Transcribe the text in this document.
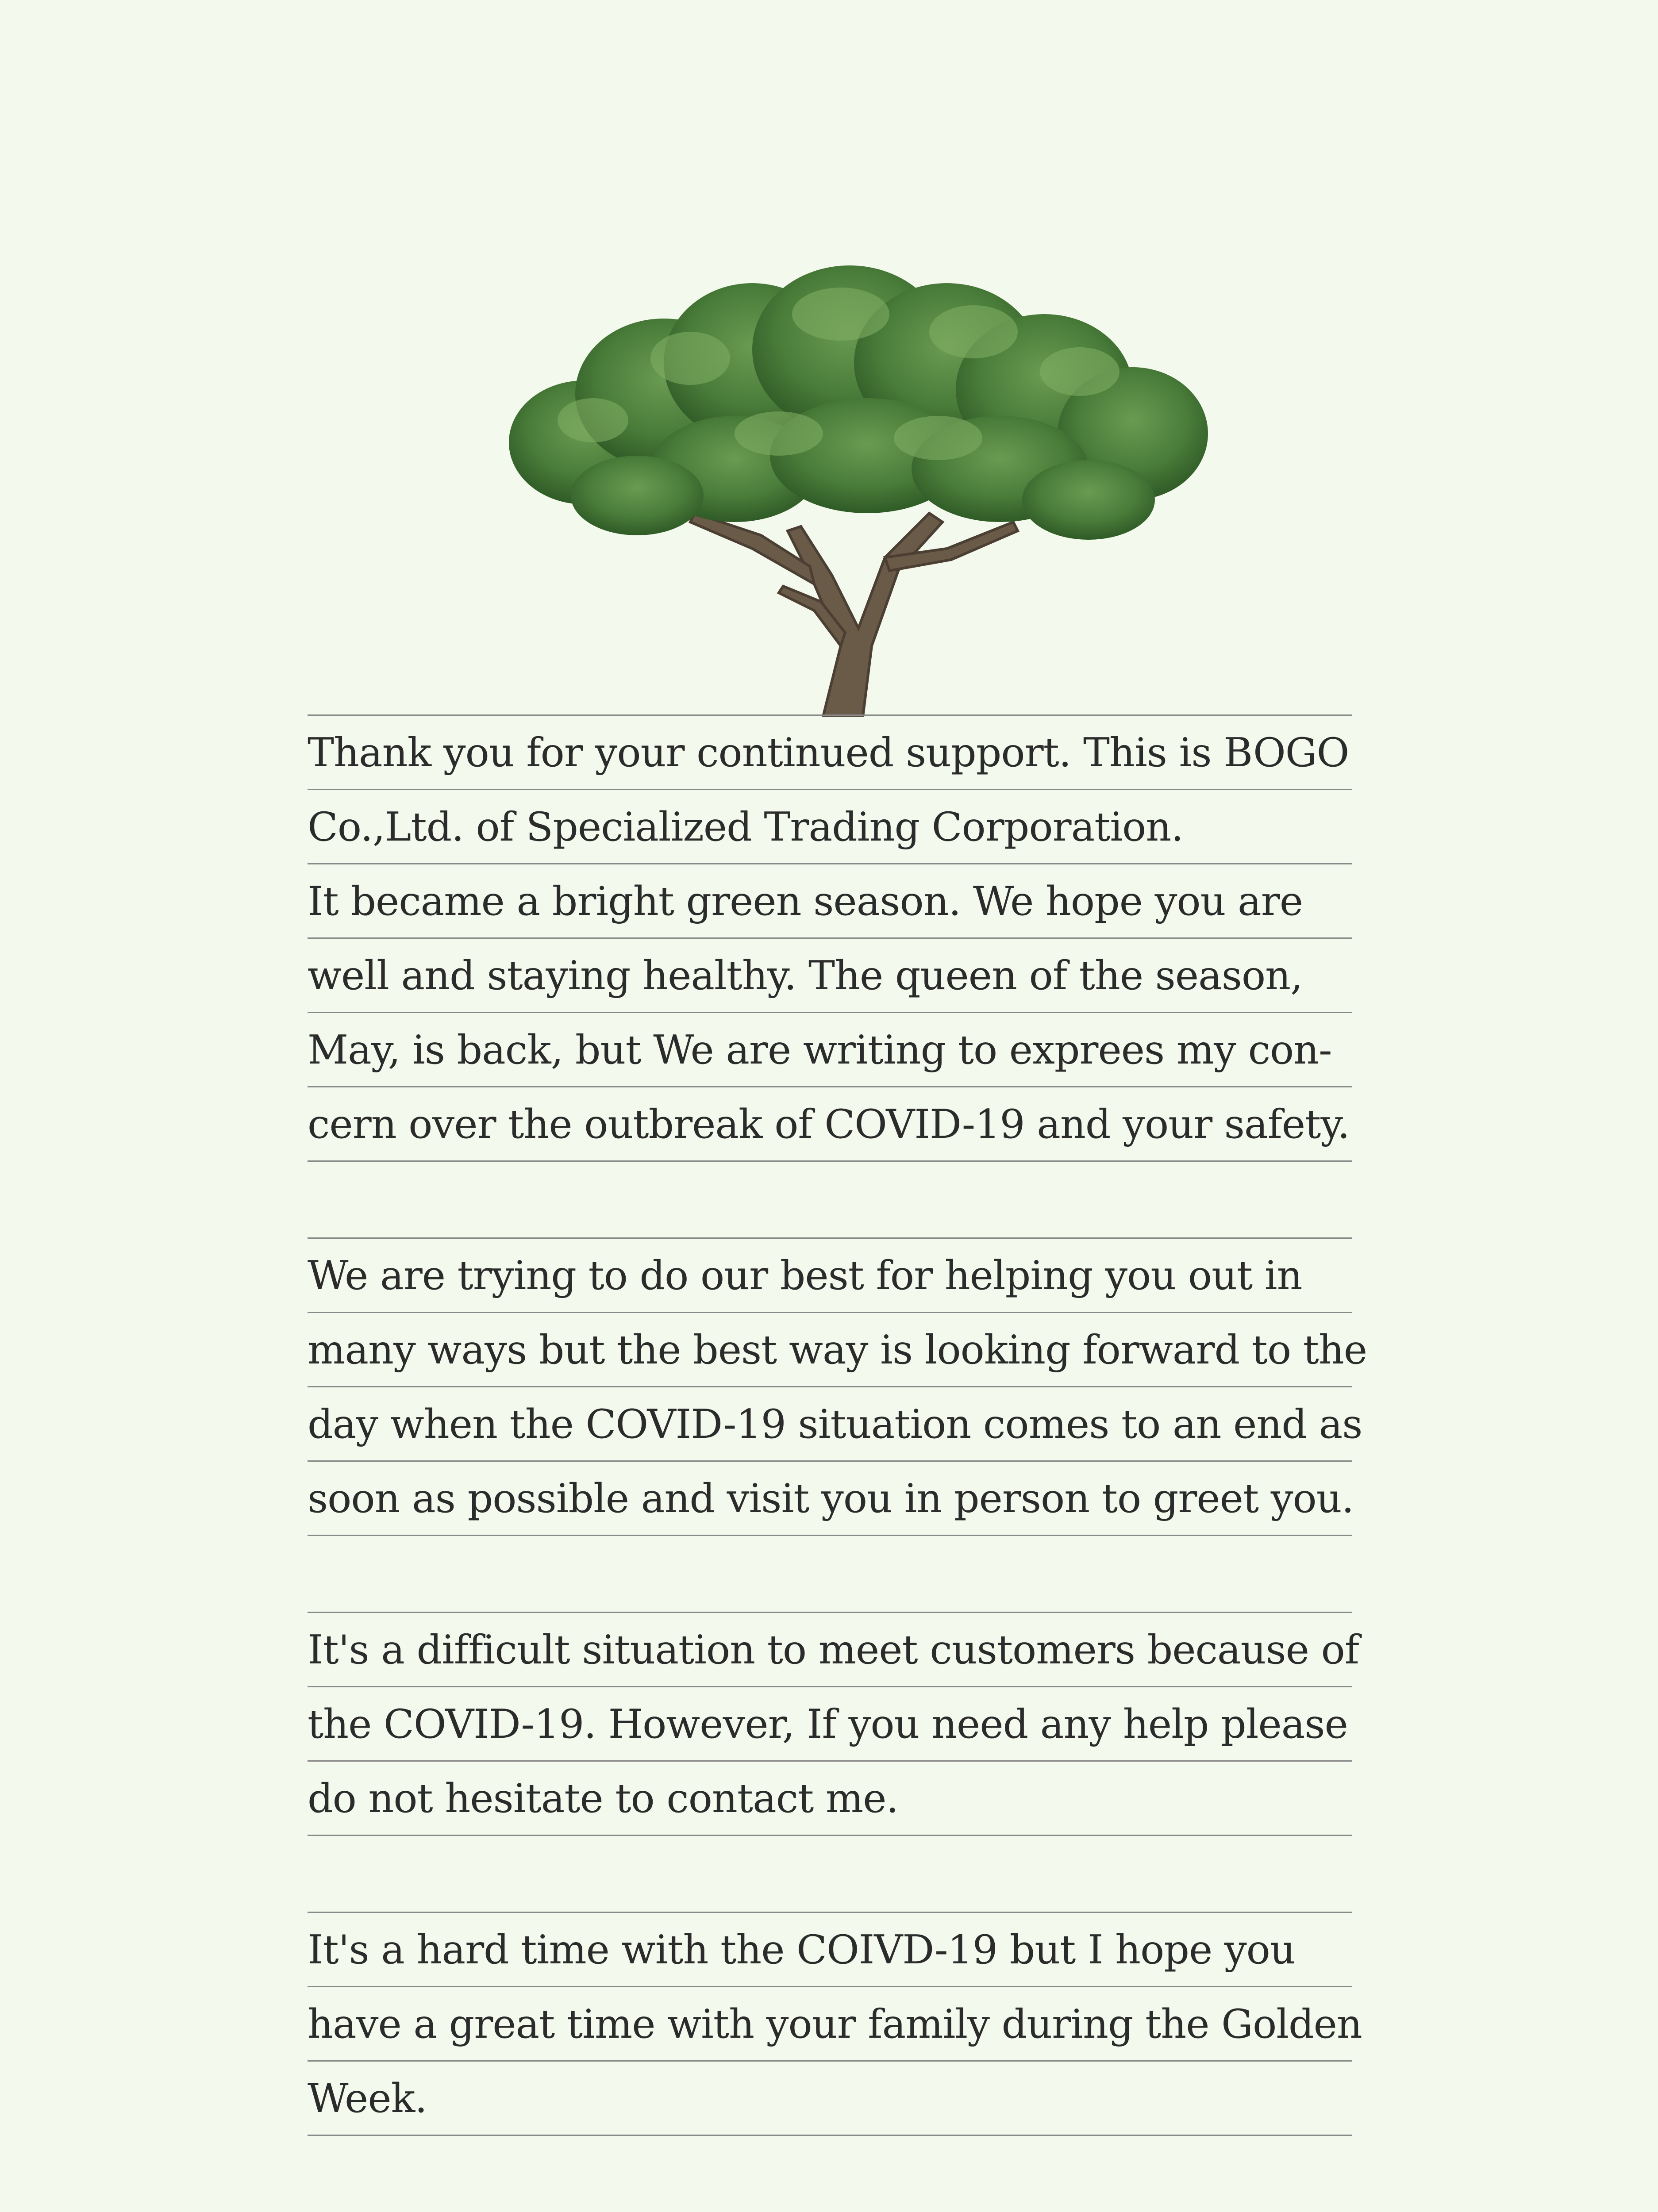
Thank you for your continued support. This is BOGO
Co.,Ltd. of Specialized Trading Corporation.
It became a bright green season. We hope you are
well and staying healthy. The queen of the season,
May, is back, but We are writing to exprees my con-
cern over the outbreak of COVID-19 and your safety.
We are trying to do our best for helping you out in
many ways but the best way is looking forward to the
day when the COVID-19 situation comes to an end as
soon as possible and visit you in person to greet you.
It's a difficult situation to meet customers because of
the COVID-19. However, If you need any help please
do not hesitate to contact me.
It's a hard time with the COIVD-19 but I hope you
have a great time with your family during the Golden
Week.
